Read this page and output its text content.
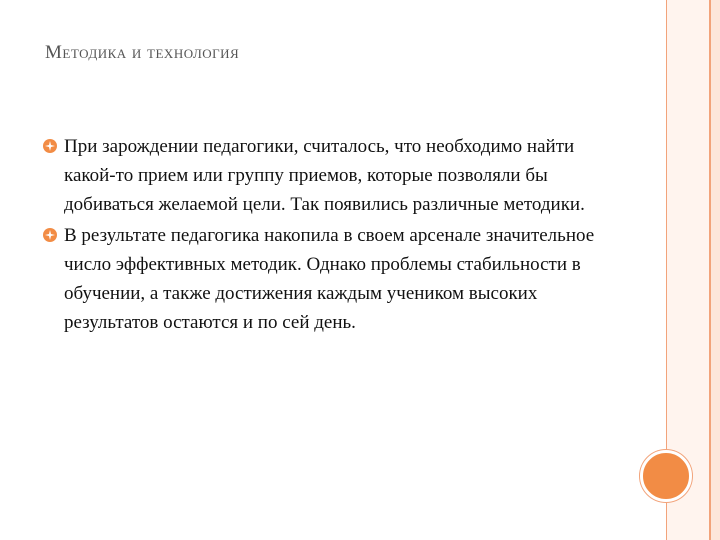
Методика и технология
При зарождении педагогики, считалось, что необходимо найти какой-то прием или группу приемов, которые позволяли бы добиваться желаемой цели. Так появились различные методики.
В результате педагогика накопила в своем арсенале значительное число эффективных методик. Однако проблемы стабильности в обучении, а также достижения каждым учеником высоких результатов остаются и по сей день.
